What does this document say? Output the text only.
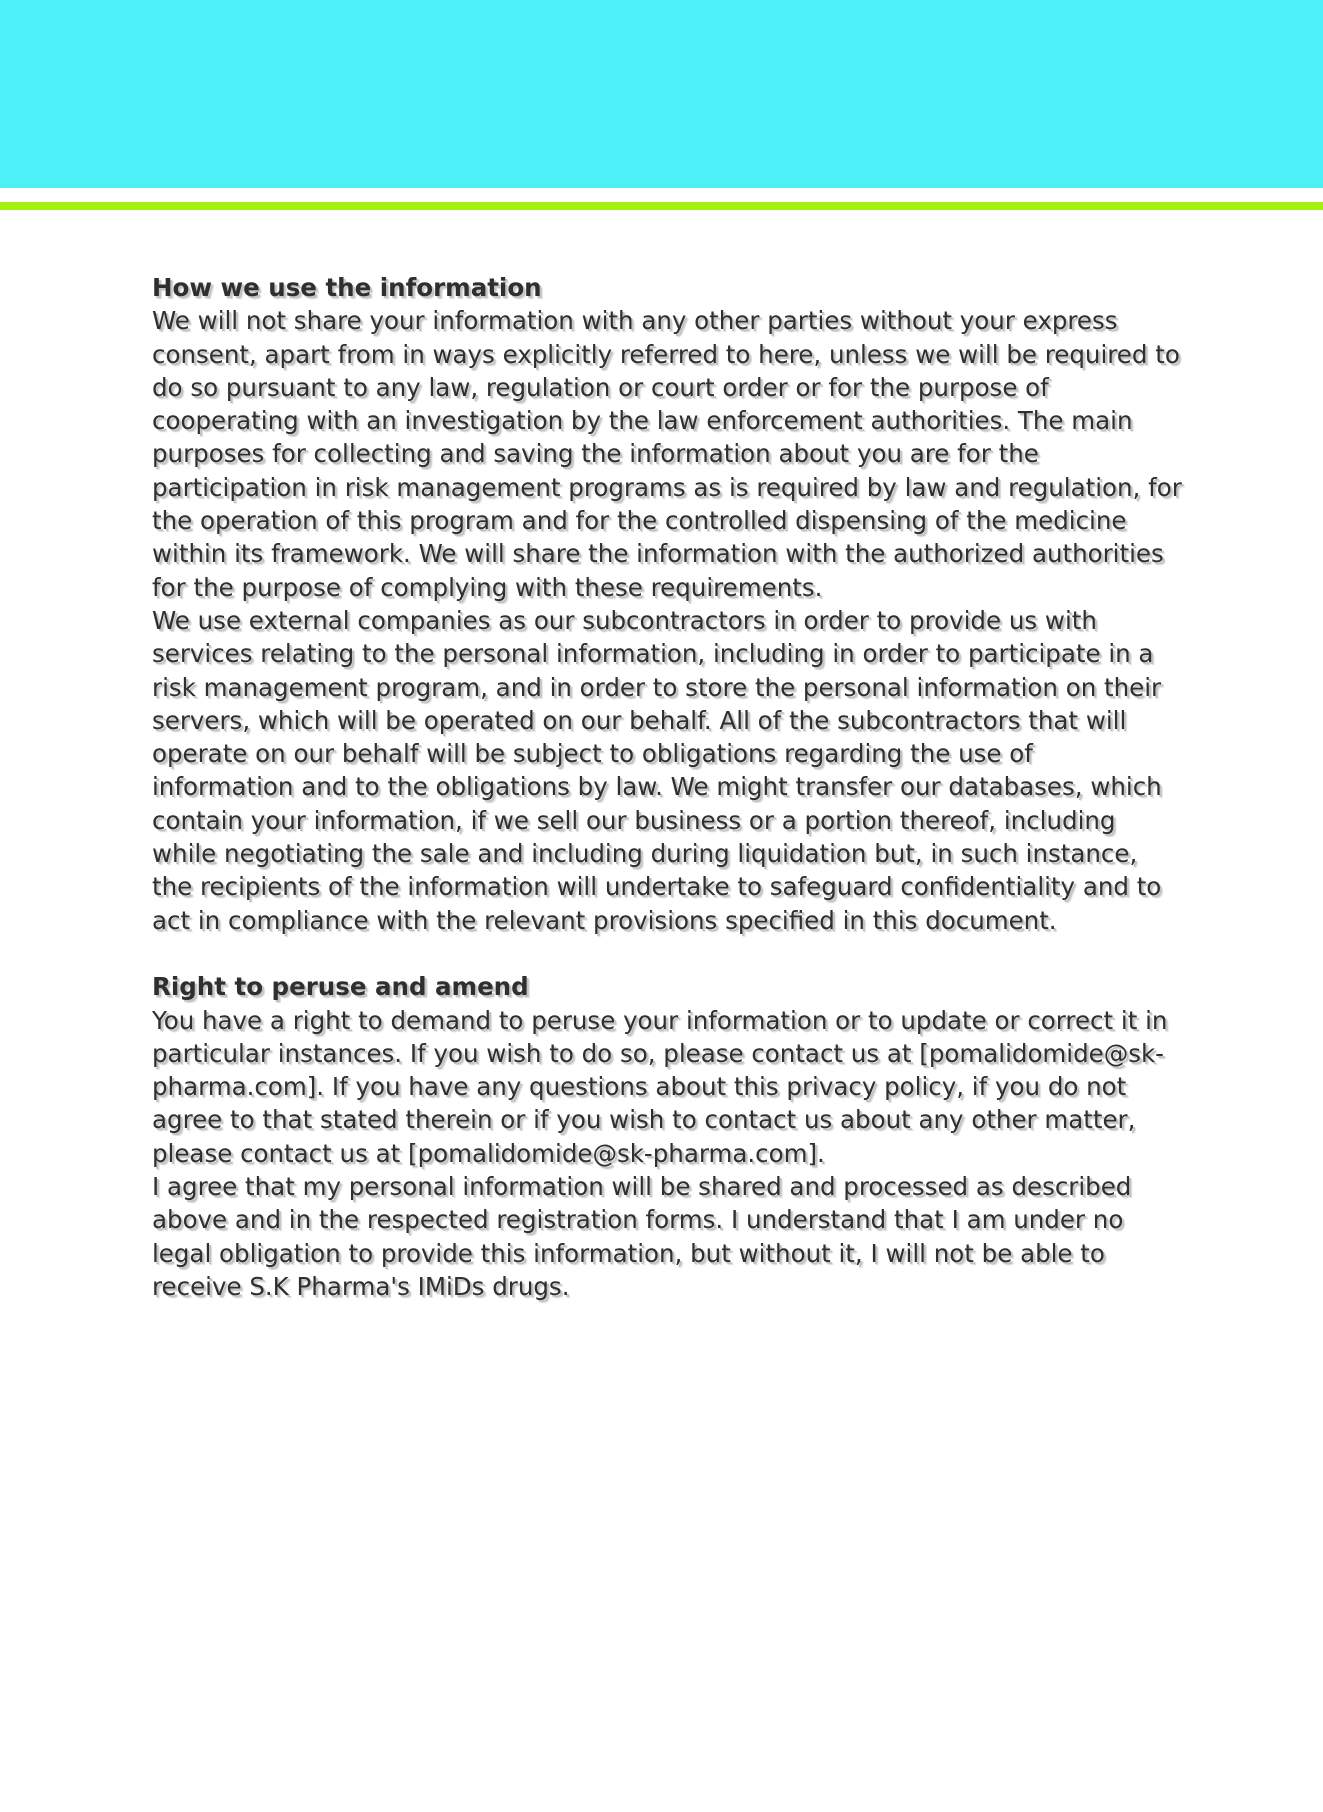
How we use the information

We will not share your information with any other parties without your express consent, apart from in ways explicitly referred to here, unless we will be required to do so pursuant to any law, regulation or court order or for the purpose of cooperating with an investigation by the law enforcement authorities. The main purposes for collecting and saving the information about you are for the participation in risk management programs as is required by law and regulation, for the operation of this program and for the controlled dispensing of the medicine within its framework. We will share the information with the authorized authorities for the purpose of complying with these requirements.

We use external companies as our subcontractors in order to provide us with services relating to the personal information, including in order to participate in a risk management program, and in order to store the personal information on their servers, which will be operated on our behalf. All of the subcontractors that will operate on our behalf will be subject to obligations regarding the use of information and to the obligations by law. We might transfer our databases, which contain your information, if we sell our business or a portion thereof, including while negotiating the sale and including during liquidation but, in such instance, the recipients of the information will undertake to safeguard confidentiality and to act in compliance with the relevant provisions specified in this document.

Right to peruse and amend

You have a right to demand to peruse your information or to update or correct it in particular instances. If you wish to do so, please contact us at [pomalidomide@sk-pharma.com]. If you have any questions about this privacy policy, if you do not agree to that stated therein or if you wish to contact us about any other matter, please contact us at [pomalidomide@sk-pharma.com].

I agree that my personal information will be shared and processed as described above and in the respected registration forms. I understand that I am under no legal obligation to provide this information, but without it, I will not be able to receive S.K Pharma's IMiDs drugs.
